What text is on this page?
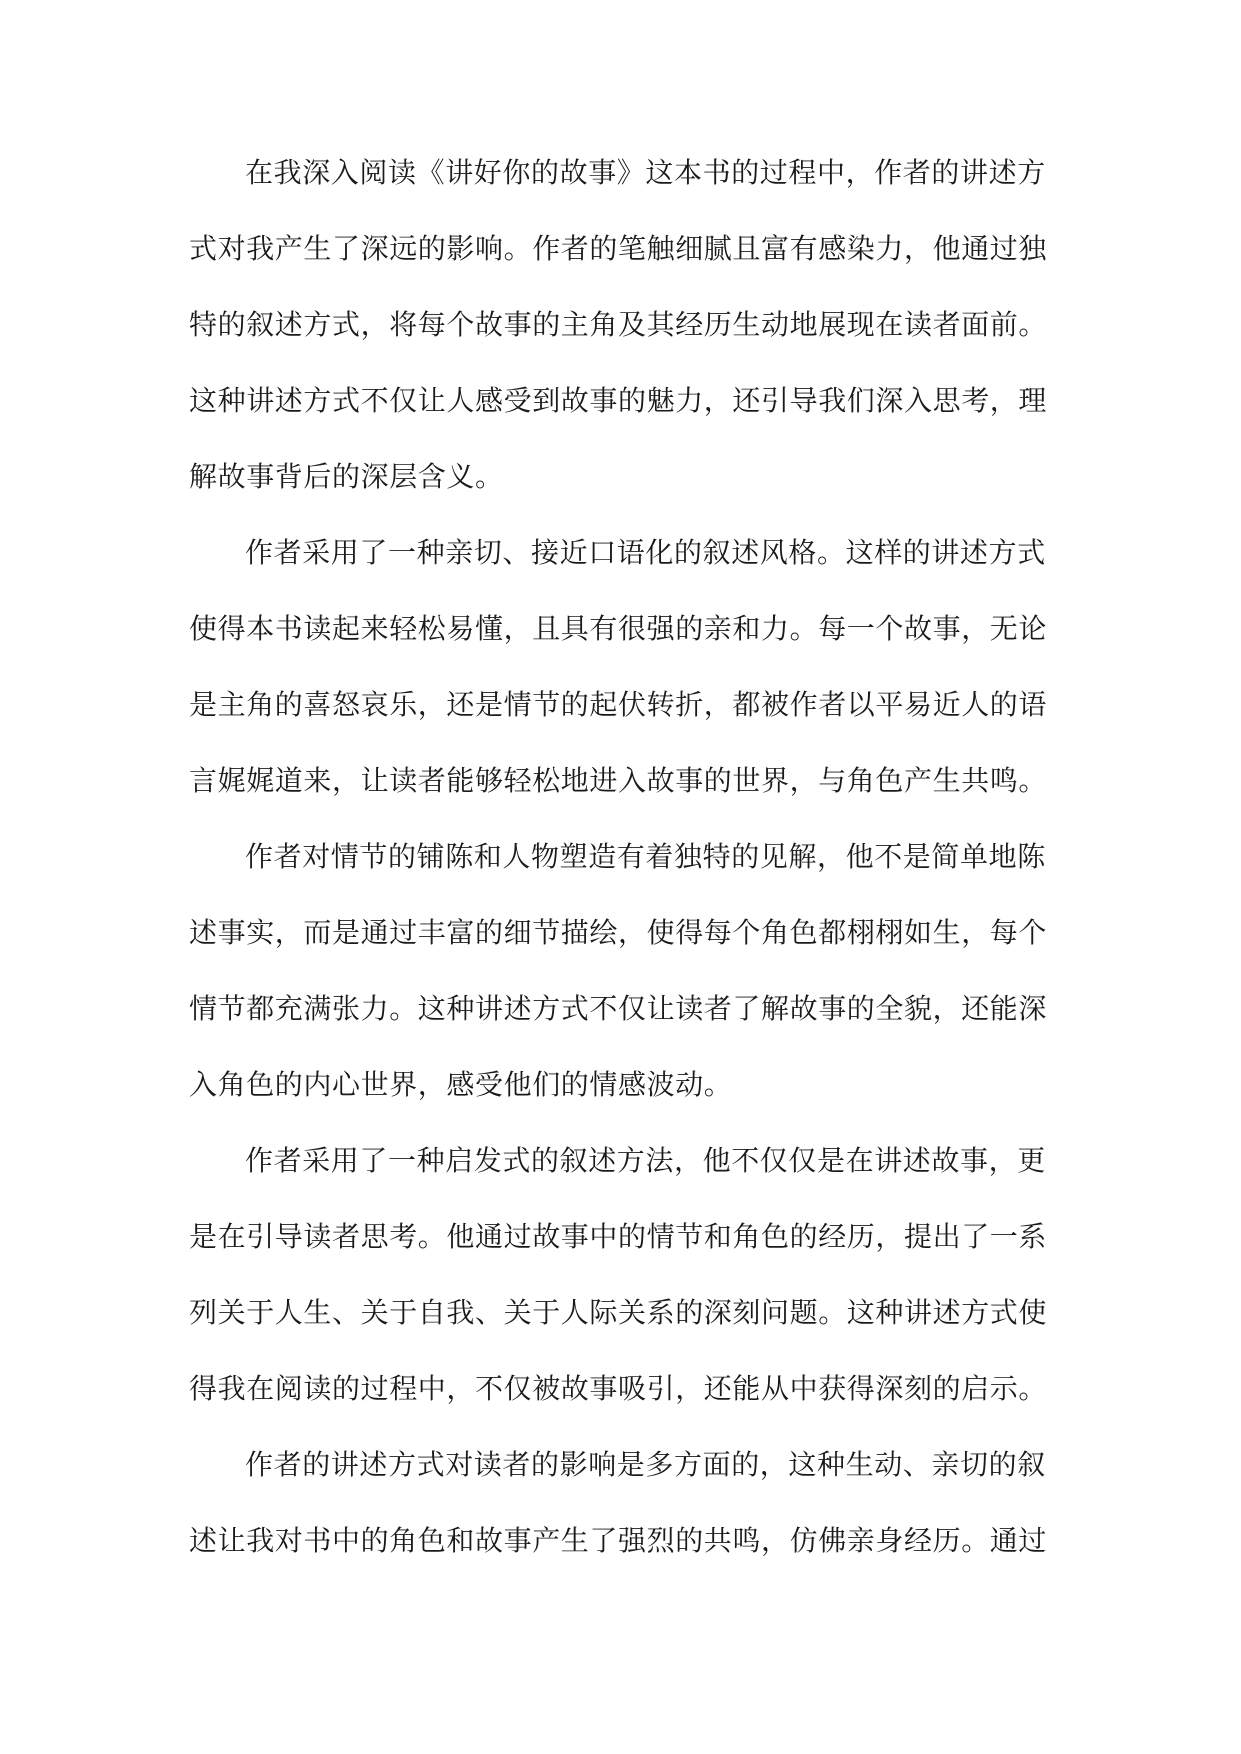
在我深入阅读《讲好你的故事》这本书的过程中，作者的讲述方
式对我产生了深远的影响。作者的笔触细腻且富有感染力，他通过独
特的叙述方式，将每个故事的主角及其经历生动地展现在读者面前。
这种讲述方式不仅让人感受到故事的魅力，还引导我们深入思考，理
解故事背后的深层含义。
作者采用了一种亲切、接近口语化的叙述风格。这样的讲述方式
使得本书读起来轻松易懂，且具有很强的亲和力。每一个故事，无论
是主角的喜怒哀乐，还是情节的起伏转折，都被作者以平易近人的语
言娓娓道来，让读者能够轻松地进入故事的世界，与角色产生共鸣。
作者对情节的铺陈和人物塑造有着独特的见解，他不是简单地陈
述事实，而是通过丰富的细节描绘，使得每个角色都栩栩如生，每个
情节都充满张力。这种讲述方式不仅让读者了解故事的全貌，还能深
入角色的内心世界，感受他们的情感波动。
作者采用了一种启发式的叙述方法，他不仅仅是在讲述故事，更
是在引导读者思考。他通过故事中的情节和角色的经历，提出了一系
列关于人生、关于自我、关于人际关系的深刻问题。这种讲述方式使
得我在阅读的过程中，不仅被故事吸引，还能从中获得深刻的启示。
作者的讲述方式对读者的影响是多方面的，这种生动、亲切的叙
述让我对书中的角色和故事产生了强烈的共鸣，仿佛亲身经历。通过
